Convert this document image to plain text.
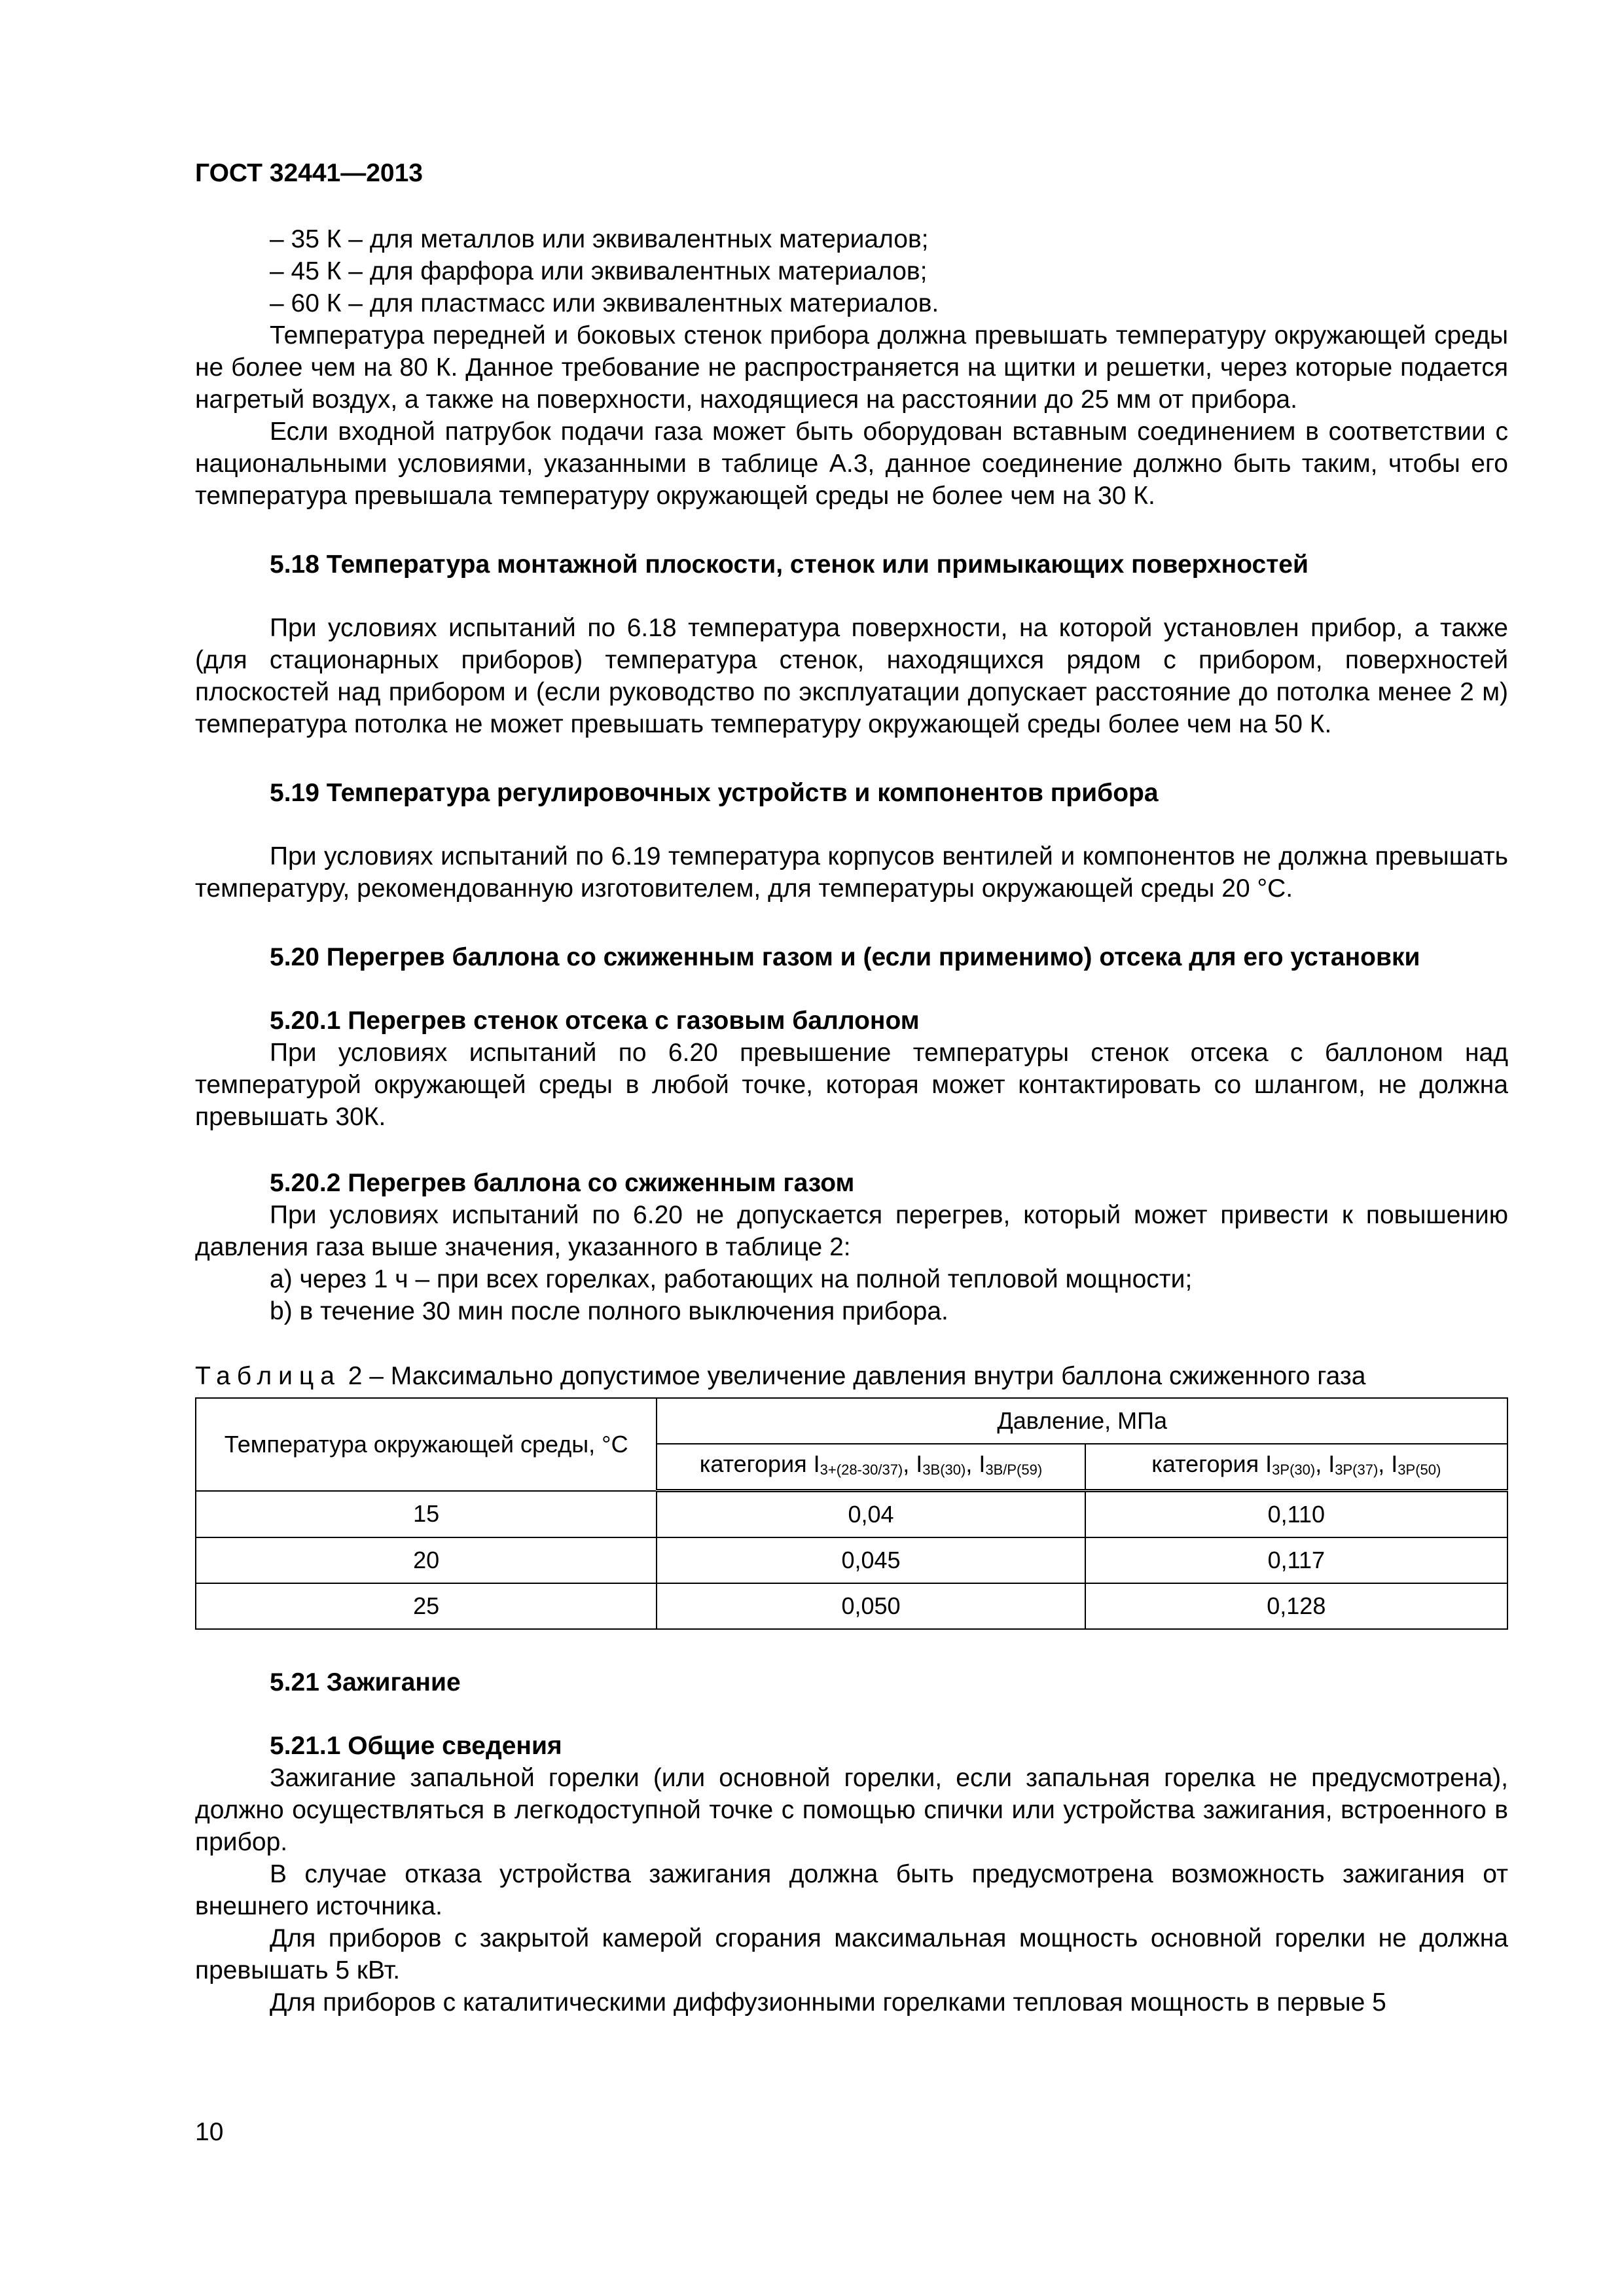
ГОСТ 32441—2013

– 35 К – для металлов или эквивалентных материалов;

– 45 К – для фарфора или эквивалентных материалов;

– 60 К – для пластмасс или эквивалентных материалов.

Температура передней и боковых стенок прибора должна превышать температуру окружающей среды не более чем на 80 К. Данное требование не распространяется на щитки и решетки, через которые подается нагретый воздух, а также на поверхности, находящиеся на расстоянии до 25 мм от прибора.

Если входной патрубок подачи газа может быть оборудован вставным соединением в соответствии с национальными условиями, указанными в таблице А.3, данное соединение должно быть таким, чтобы его температура превышала температуру окружающей среды не более чем на 30 К.

5.18 Температура монтажной плоскости, стенок или примыкающих поверхностей

При условиях испытаний по 6.18 температура поверхности, на которой установлен прибор, а также (для стационарных приборов) температура стенок, находящихся рядом с прибором, поверхностей плоскостей над прибором и (если руководство по эксплуатации допускает расстояние до потолка менее 2 м) температура потолка не может превышать температуру окружающей среды более чем на 50 К.

5.19 Температура регулировочных устройств и компонентов прибора

При условиях испытаний по 6.19 температура корпусов вентилей и компонентов не должна превышать температуру, рекомендованную изготовителем, для температуры окружающей среды 20 °С.

5.20 Перегрев баллона со сжиженным газом и (если применимо) отсека для его установки
5.20.1 Перегрев стенок отсека с газовым баллоном

При условиях испытаний по 6.20 превышение температуры стенок отсека с баллоном над температурой окружающей среды в любой точке, которая может контактировать со шлангом, не должна превышать 30К.

5.20.2 Перегрев баллона со сжиженным газом

При условиях испытаний по 6.20 не допускается перегрев, который может привести к повышению давления газа выше значения, указанного в таблице 2:

a) через 1 ч – при всех горелках, работающих на полной тепловой мощности;

b) в течение 30 мин после полного выключения прибора.

Таблица 2 – Максимально допустимое увеличение давления внутри баллона сжиженного газа
Температура окружающей среды, °С	Давление, МПа	
	категория $I_{3+(28-30/37)}$, $I_{3B(30)}$, $I_{3B/P(59)}$	категория $I_{3P(30)}$, $I_{3P(37)}$, $I_{3P(50)}$
15	0,04	0,110
20	0,045	0,117
25	0,050	0,128
5.21 Зажигание
5.21.1 Общие сведения

Зажигание запальной горелки (или основной горелки, если запальная горелка не предусмотрена), должно осуществляться в легкодоступной точке с помощью спички или устройства зажигания, встроенного в прибор.

В случае отказа устройства зажигания должна быть предусмотрена возможность зажигания от внешнего источника.

Для приборов с закрытой камерой сгорания максимальная мощность основной горелки не должна превышать 5 кВт.

Для приборов с каталитическими диффузионными горелками тепловая мощность в первые 5

10
